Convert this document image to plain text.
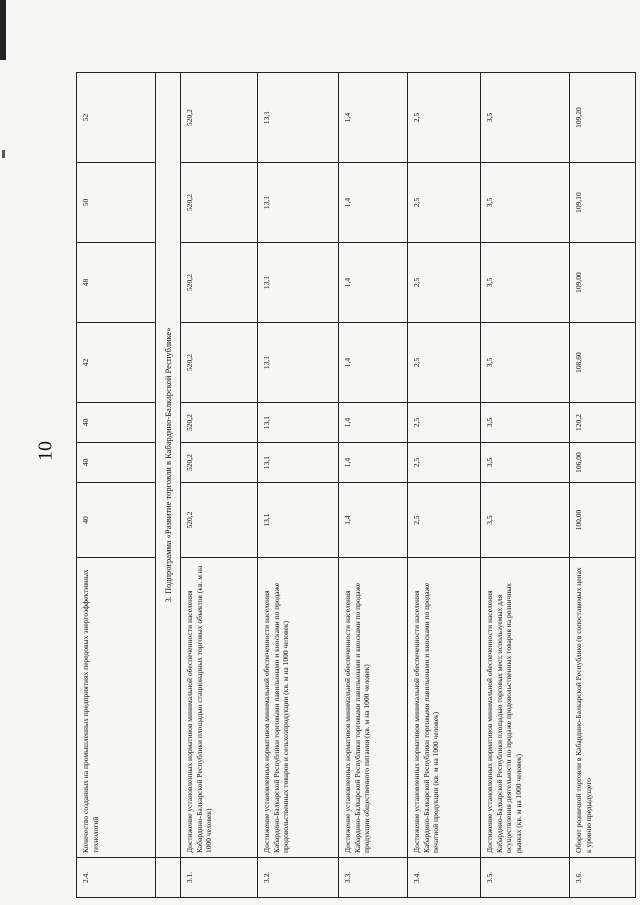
10
2.4.	Количество созданных на промышленных предприятиях передовых энергоэффективных технологий	40	40	40	42	48	50	52
	3. Подпрограмма «Развитие торговли в Кабардино-Балкарской Республике»							
3.1.	Достижение установленных нормативов минимальной обеспеченности населения Кабардино-Балкарской Республики площадью стационарных торговых объектов (кв. м на 1000 человек)	520,2	520,2	520,2	520,2	520,2	520,2	520,2
3.2.	Достижение установленных нормативов минимальной обеспеченности населения Кабардино-Балкарской Республики торговыми павильонами и киосками по продаже продовольственных товаров и сельхозпродукции (кв. м на 1000 человек)	13,1	13,1	13,1	13,1	13,1	13,1	13,1
3.3.	Достижение установленных нормативов минимальной обеспеченности населения Кабардино-Балкарской Республики торговыми павильонами и киосками по продаже продукции общественного питания (кв. м на 1000 человек)	1,4	1,4	1,4	1,4	1,4	1,4	1,4
3.4.	Достижение установленных нормативов минимальной обеспеченности населения Кабардино-Балкарской Республики торговыми павильонами и киосками по продаже печатной продукции (кв. м на 1000 человек)	2,5	2,5	2,5	2,5	2,5	2,5	2,5
3.5.	Достижение установленных нормативов минимальной обеспеченности населения Кабардино-Балкарской Республики площадью торговых мест, используемых для осуществления деятельности по продаже продовольственных товаров на розничных рынках (кв. м на 1000 человек)	3,5	3,5	3,5	3,5	3,5	3,5	3,5
3.6.	Оборот розничной торговли в Кабардино-Балкарской Республике (в сопоставимых ценах к уровню предыдущего	100,00	106,00	120,2	108,60	109,00	109,10	109,20
